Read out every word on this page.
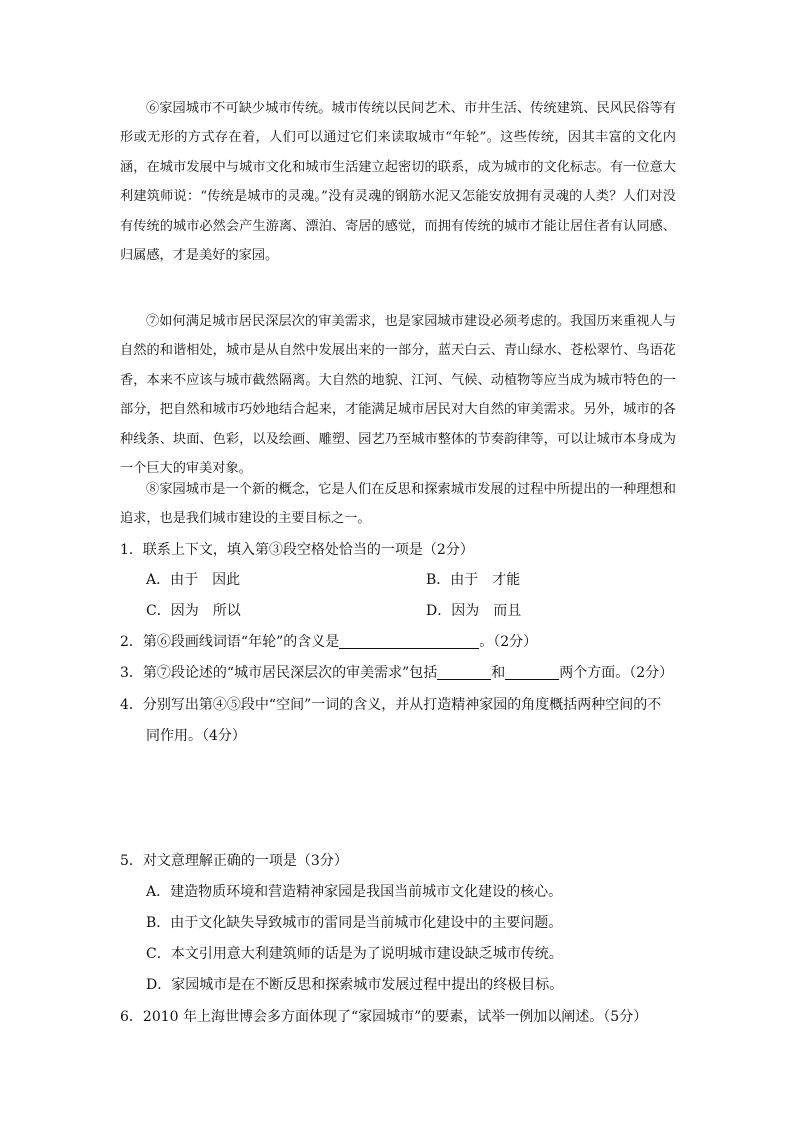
⑥家园城市不可缺少城市传统。城市传统以民间艺术、市井生活、传统建筑、民风民俗等有形或无形的方式存在着，人们可以通过它们来读取城市“年轮”。这些传统，因其丰富的文化内涵，在城市发展中与城市文化和城市生活建立起密切的联系，成为城市的文化标志。有一位意大利建筑师说：“传统是城市的灵魂。”没有灵魂的钢筋水泥又怎能安放拥有灵魂的人类？人们对没有传统的城市必然会产生游离、漂泊、寄居的感觉，而拥有传统的城市才能让居住者有认同感、归属感，才是美好的家园。

⑦如何满足城市居民深层次的审美需求，也是家园城市建设必须考虑的。我国历来重视人与自然的和谐相处，城市是从自然中发展出来的一部分，蓝天白云、青山绿水、苍松翠竹、鸟语花香，本来不应该与城市截然隔离。大自然的地貌、江河、气候、动植物等应当成为城市特色的一部分，把自然和城市巧妙地结合起来，才能满足城市居民对大自然的审美需求。另外，城市的各种线条、块面、色彩，以及绘画、雕塑、园艺乃至城市整体的节奏韵律等，可以让城市本身成为一个巨大的审美对象。

⑧家园城市是一个新的概念，它是人们在反思和探索城市发展的过程中所提出的一种理想和追求，也是我们城市建设的主要目标之一。

1．联系上下文，填入第③段空格处恰当的一项是（2分）

A．由于　因此	B．由于　才能

C．因为　所以	D．因为　而且

2．第⑥段画线词语“年轮”的含义是	。（2分）

3．第⑦段论述的“城市居民深层次的审美需求”包括	和	两个方面。（2分）

4．分别写出第④⑤段中“空间”一词的含义，并从打造精神家园的角度概括两种空间的不

同作用。（4分）

5．对文意理解正确的一项是（3分）

A．建造物质环境和营造精神家园是我国当前城市文化建设的核心。

B．由于文化缺失导致城市的雷同是当前城市化建设中的主要问题。

C．本文引用意大利建筑师的话是为了说明城市建设缺乏城市传统。

D．家园城市是在不断反思和探索城市发展过程中提出的终极目标。

6．2010 年上海世博会多方面体现了“家园城市”的要素，试举一例加以阐述。（5分）
